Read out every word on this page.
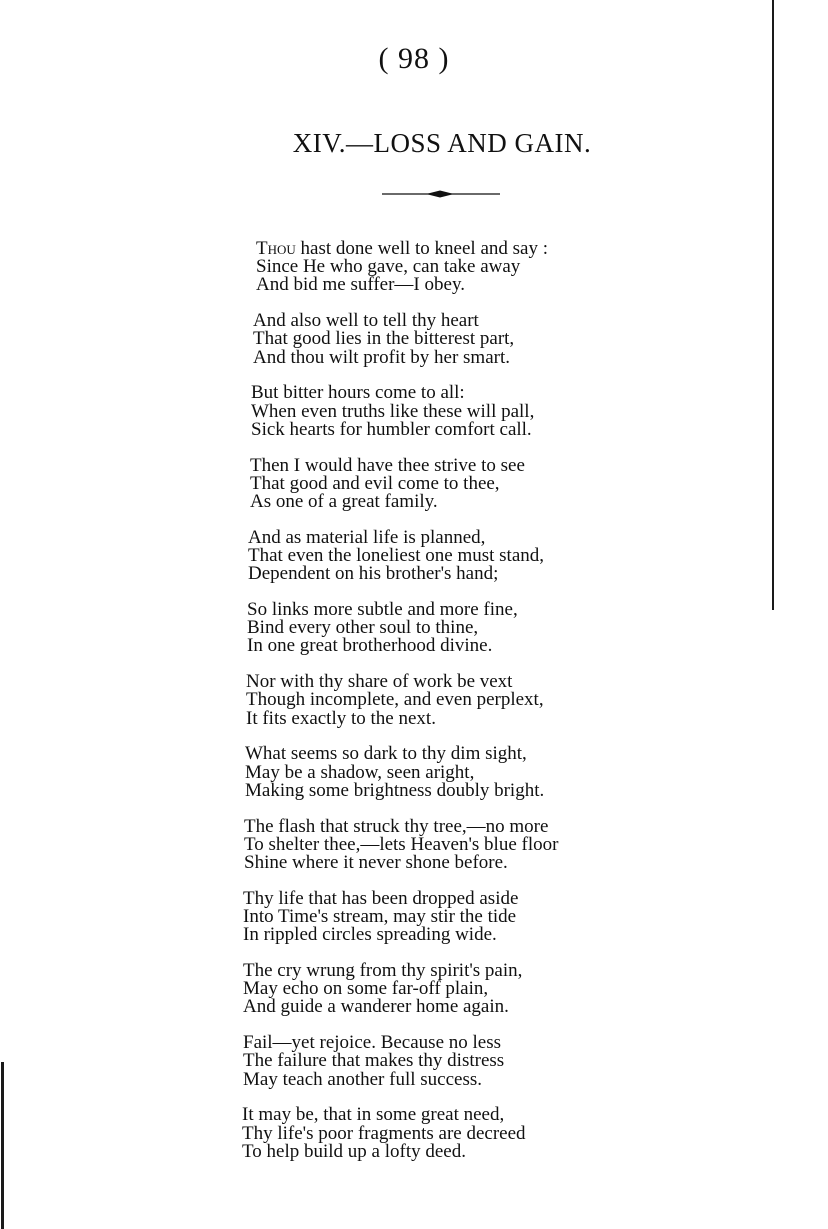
( 98 )
XIV.—LOSS AND GAIN.
Thou hast done well to kneel and say :
Since He who gave, can take away
And bid me suffer—I obey.
And also well to tell thy heart
That good lies in the bitterest part,
And thou wilt profit by her smart.
But bitter hours come to all:
When even truths like these will pall,
Sick hearts for humbler comfort call.
Then I would have thee strive to see
That good and evil come to thee,
As one of a great family.
And as material life is planned,
That even the loneliest one must stand,
Dependent on his brother's hand;
So links more subtle and more fine,
Bind every other soul to thine,
In one great brotherhood divine.
Nor with thy share of work be vext
Though incomplete, and even perplext,
It fits exactly to the next.
What seems so dark to thy dim sight,
May be a shadow, seen aright,
Making some brightness doubly bright.
The flash that struck thy tree,—no more
To shelter thee,—lets Heaven's blue floor
Shine where it never shone before.
Thy life that has been dropped aside
Into Time's stream, may stir the tide
In rippled circles spreading wide.
The cry wrung from thy spirit's pain,
May echo on some far-off plain,
And guide a wanderer home again.
Fail—yet rejoice. Because no less
The failure that makes thy distress
May teach another full success.
It may be, that in some great need,
Thy life's poor fragments are decreed
To help build up a lofty deed.
